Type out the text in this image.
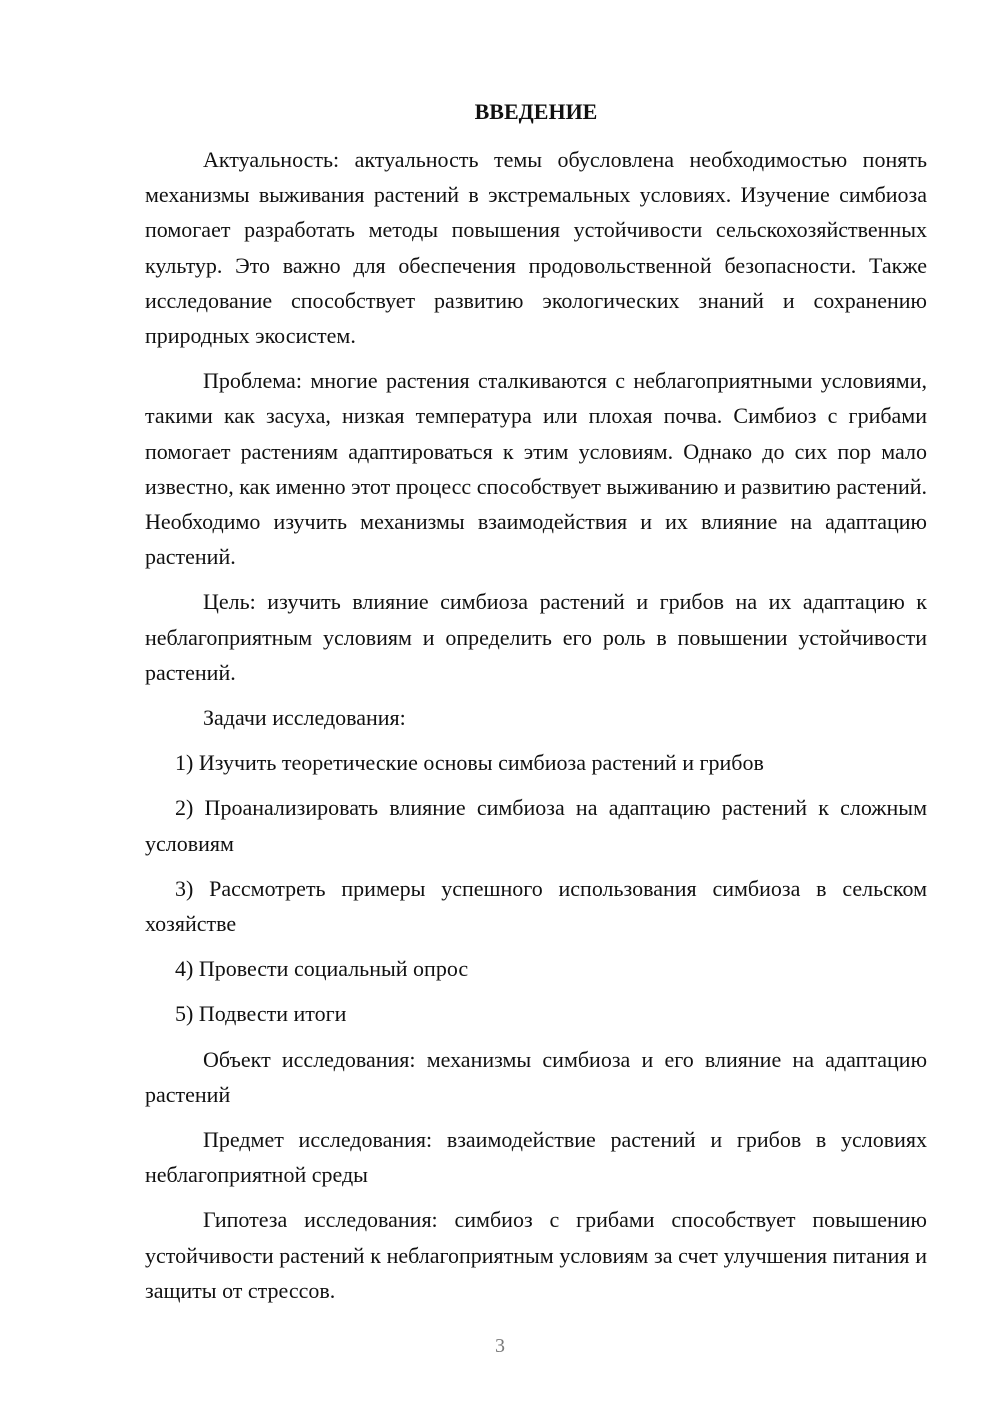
ВВЕДЕНИЕ

Актуальность: актуальность темы обусловлена необходимостью понять механизмы выживания растений в экстремальных условиях. Изучение симбиоза помогает разработать методы повышения устойчивости сельскохозяйственных культур. Это важно для обеспечения продовольственной безопасности. Также исследование способствует развитию экологических знаний и сохранению природных экосистем.

Проблема: многие растения сталкиваются с неблагоприятными условиями, такими как засуха, низкая температура или плохая почва. Симбиоз с грибами помогает растениям адаптироваться к этим условиям. Однако до сих пор мало известно, как именно этот процесс способствует выживанию и развитию растений. Необходимо изучить механизмы взаимодействия и их влияние на адаптацию растений.

Цель: изучить влияние симбиоза растений и грибов на их адаптацию к неблагоприятным условиям и определить его роль в повышении устойчивости растений.

Задачи исследования:

1) Изучить теоретические основы симбиоза растений и грибов

2) Проанализировать влияние симбиоза на адаптацию растений к сложным условиям

3) Рассмотреть примеры успешного использования симбиоза в сельском хозяйстве

4) Провести социальный опрос

5) Подвести итоги

Объект исследования: механизмы симбиоза и его влияние на адаптацию растений

Предмет исследования: взаимодействие растений и грибов в условиях неблагоприятной среды

Гипотеза исследования: симбиоз с грибами способствует повышению устойчивости растений к неблагоприятным условиям за счет улучшения питания и защиты от стрессов.

3
